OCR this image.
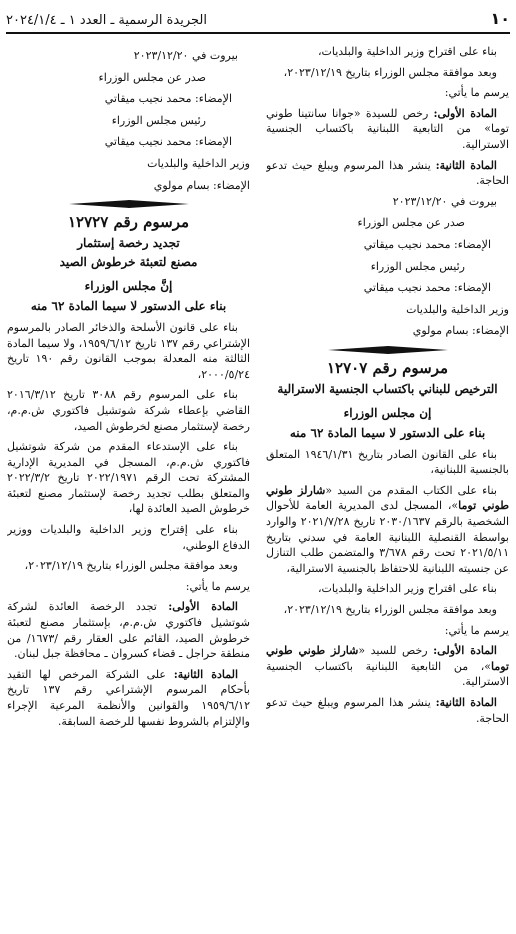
١٠
الجريدة الرسمية ـ العدد ١ ـ ٢٠٢٤/١/٤

بناء على اقتراح وزير الداخلية والبلديات،

وبعد موافقة مجلس الوزراء بتاريخ ٢٠٢٣/١٢/١٩،

يرسم ما يأتي:

المادة الأولى: رخص للسيدة «جوانا سانتينا طوني توما» من التابعية اللبنانية باكتساب الجنسية الاسترالية.

المادة الثانية: ينشر هذا المرسوم ويبلغ حيث تدعو الحاجة.

بيروت في ٢٠٢٣/١٢/٢٠

صدر عن مجلس الوزراء

الإمضاء: محمد نجيب ميقاتي

رئيس مجلس الوزراء

الإمضاء: محمد نجيب ميقاتي

وزير الداخلية والبلديات

الإمضاء: بسام مولوي

مرسوم رقم ١٢٧٠٧

الترخيص للبناني باكتساب الجنسية الاسترالية

إن مجلس الوزراء

بناء على الدستور لا سيما المادة ٦٢ منه

بناء على القانون الصادر بتاريخ ١٩٤٦/١/٣١ المتعلق بالجنسية اللبنانية،

بناء على الكتاب المقدم من السيد «شارلز طوني طوني توما»، المسجل لدى المديرية العامة للأحوال الشخصية بالرقم ٢٠٣٠/١٦٣٧ تاريخ ٢٠٢١/٧/٢٨ والوارد بواسطة القنصلية اللبنانية العامة في سدني بتاريخ ٢٠٢١/٥/١١ تحت رقم ٣/٦٧٨ والمتضمن طلب التنازل عن جنسيته اللبنانية للاحتفاظ بالجنسية الاسترالية،

بناء على اقتراح وزير الداخلية والبلديات،

وبعد موافقة مجلس الوزراء بتاريخ ٢٠٢٣/١٢/١٩،

يرسم ما يأتي:

المادة الأولى: رخص للسيد «شارلز طوني طوني توما»، من التابعية اللبنانية باكتساب الجنسية الاسترالية.

المادة الثانية: ينشر هذا المرسوم ويبلغ حيث تدعو الحاجة.

بيروت في ٢٠٢٣/١٢/٢٠

صدر عن مجلس الوزراء

الإمضاء: محمد نجيب ميقاتي

رئيس مجلس الوزراء

الإمضاء: محمد نجيب ميقاتي

وزير الداخلية والبلديات

الإمضاء: بسام مولوي

مرسوم رقم ١٢٧٢٧

تجديد رخصة إستثمار

مصنع لتعبئة خرطوش الصيد

إنَّ مجلس الوزراء

بناء على الدستور لا سيما المادة ٦٢ منه

بناء على قانون الأسلحة والذخائر الصادر بالمرسوم الإشتراعي رقم ١٣٧ تاريخ ١٩٥٩/٦/١٢، ولا سيما المادة الثالثة منه المعدلة بموجب القانون رقم ١٩٠ تاريخ ٢٠٠٠/٥/٢٤،

بناء على المرسوم رقم ٣٠٨٨ تاريخ ٢٠١٦/٣/١٢ القاضي بإعطاء شركة شوتشيل فاكتوري ش.م.م، رخصة لإستثمار مصنع لخرطوش الصيد،

بناء على الإستدعاء المقدم من شركة شوتشيل فاكتوري ش.م.م، المسجل في المديرية الإدارية المشتركة تحت الرقم ٢٠٢٢/١٩٧١ تاريخ ٢٠٢٢/٣/٢ والمتعلق بطلب تجديد رخصة لإستثمار مصنع لتعبئة خرطوش الصيد العائدة لها،

بناء على إقتراح وزير الداخلية والبلديات ووزير الدفاع الوطني،

وبعد موافقة مجلس الوزراء بتاريخ ٢٠٢٣/١٢/١٩،

يرسم ما يأتي:

المادة الأولى: تجدد الرخصة العائدة لشركة شوتشيل فاكتوري ش.م.م، بإستثمار مصنع لتعبئة خرطوش الصيد، القائم على العقار رقم /١٦٧٣/ من منطقة حراجل ـ قضاء كسروان ـ محافظة جبل لبنان.

المادة الثانية: على الشركة المرخص لها التقيد بأحكام المرسوم الإشتراعي رقم ١٣٧ تاريخ ١٩٥٩/٦/١٢ والقوانين والأنظمة المرعية الإجراء والإلتزام بالشروط نفسها للرخصة السابقة.
